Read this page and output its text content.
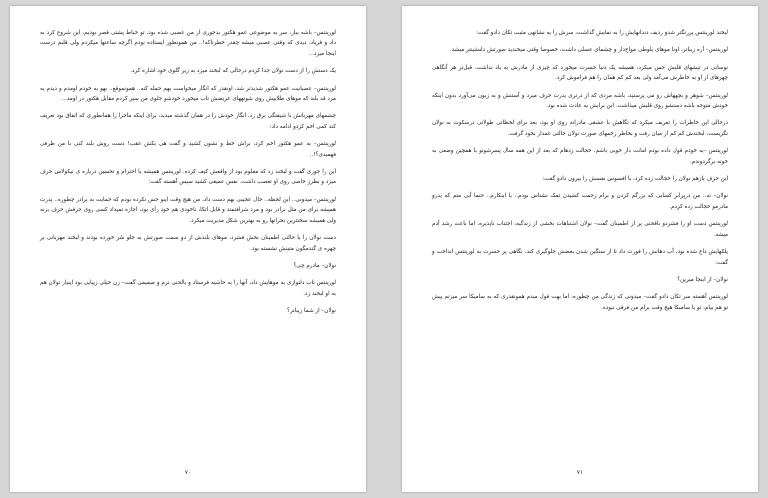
لورینتس– باشه ببار، سر به موضوعی عمو هکتور بدجوری از من عصبی شده بود، تو خیاط پشتی قصر بودیم، این شروع کرد به داد و فریاد، دیدی که وقتی عصبی میشه چقدر خطرناکه!.. من همونطور ایستاده بودم اگرچه ساعتها میکردم ولی قلبم درست اینجا میزد...

یک دستش را از دست نولان جدا کردم درحالی که لبخند میزد به زیر گلوی خود اشاره کرد.

لورینتس– عصبانیت عمو هکتور شدیدتر شد، اونقدر که انگار میخواست بهم حمله کنه.. همونموقع.. بهو به خودم اومدم و دیدم یه مرد قد بلند که موهای طلاییش روی شونههای عریضش تاب میخورد خودشو جلوی من سپر کردم مقابل هکتور در اومد...

چشمهای مهربانش با شیفتگی برق زد، انگار خودش را در همان گذشته میدید، برای اینکه ماجرا را همانطوری که اتفاق بود تعریف کند کمی اخم کردو ادامه داد:

لورینتس– به عمو هکتور اخم کرد، براش خط و نشون کشید و گفت هی بکش عقب! دست روش بلند کنی با من طرفی فهمیدی؟!..

این را جوری گفت و لبخند زد که معلوم بود از واقعش کیف کرده. لورینتس همیشه با احترام و تحسین درباره ی نیکولاس حرف میزد و بطرز خاصی روی او تعصب داشت. نفس عمیقی کشید سپس آهسته گفت:

لورینتس– میدونی.. این لحظه.. حال عجیبی بهم دست داد، من هیچ وقت اینو حس نکرده بودم که حمایت به برادر چطوره.. پدرت همیشه برای من مثل برادر بود و مرد شرافتمند و قابل اتکا، ناخودی هم خود رأی بود، اجازه نمیداد کسی روی حرفش حرف بزنه ولی همیشه سختترین بحرانها رو به بهترین شکل مدیریت میکرد.

دست نولان را با حالتی اطمینان بخش فشرد، موهای بلندش از دو سمت صورتش به جلو سُر خورده بودند و لبخند مهربانی بر چهره ی گندمگون متینش نشسته بود.

نولان– مادرم چی؟

لورینتس تاب دلتوازی به موهایش داد، آنها را به حاشیه فرستاد و بالحنی نرم و صمیمی گفت– زن خیلی زیبایی بود اینبار نولان هم به او لبخند زد.

نولان– از شما زیباتر؟

۷۰

لبخند لورینتس پررنگتر شدو ردیف دندانهایش را به نمایش گذاشت، سرش را به نشانهی مثبت تکان دادو گفت:

لورینتس– آره زیباتر، اونا موهای بلوطی مواج‌دار و چشمای عسلی داشت، خصوصا وقتی میخندید صورتش دلنشینتر میشد.

نوسانی در تپشهای قلبش حس میکرد، همیشه یک دنیا حسرت میخورد که چیزی از مادرش به یاد نداشت. قبل‌تر هر آنگاهی چهرهای از او به خاطرش می‌آمد ولی بعد کم کم همان را هم فراموش کرد.

لورینتس– شوهر و بچههاش رو می پرستید، باشه مردی که از درتری بدرت حرف میزد و آستنش و به زبون می‌آورد بدون اینکه خودش متوجه باشه دستشو روی قلبش میذاشت. این برایش یه عادت شده بود.

درحالی این خاطرات را تعریف میکرد که نگاهش با عشقی مادرانه روی او بود، بعد برای لحظاتی طولانی درسکوت به نولان نگریست، لبخندش کم کم از میان رفت و بخاطر زخمهای صورت نولان حالتی غمدار بخود گرفت.

لورینتس –به خودم قول داده بودم امانت دار خوبی باشم، خجالت زدهام که بعد از این همه سال پسرشونو با همچین وضعی به خونه برگردوندم.

این حرف بازهم نولان را خجالت زده کرد، با افسوس نفسش را بیرون دادو گفت:

نولان– نه.. من درپرابر کسایی که بزرگم کردن و برام زحمت کشیدن تمک نشناس بودم.. با اینکارم.. حتما آبی متم که پدرو مادرمو خجالت زده کردم.

لورینتس دست او را فشردو باقحنی پر از اطمینان گفت– نولان اشتباهات بخشی از زندگیه، اجتناب ناپذیره، اما باعث رشد آدم میشه.

پلکهایش داغ شده بود، آب دهانش را فورت داد تا از سنگین شدن بغضش جلوگیری کند، نگاهی پر حسرت به لورینتس انداخت و گفت:

نولان– از اینجا میرین؟

لورینتس آهسته سر تکان دادو گفت– میدونی که زندگی من چطوره، اما بهت قول میدم همونقدری که به سامیکا سر میزنم پیش تو هم بیام، تو با سامیکا هیچ وقت برام من فرقی نبوده.

۷۱
